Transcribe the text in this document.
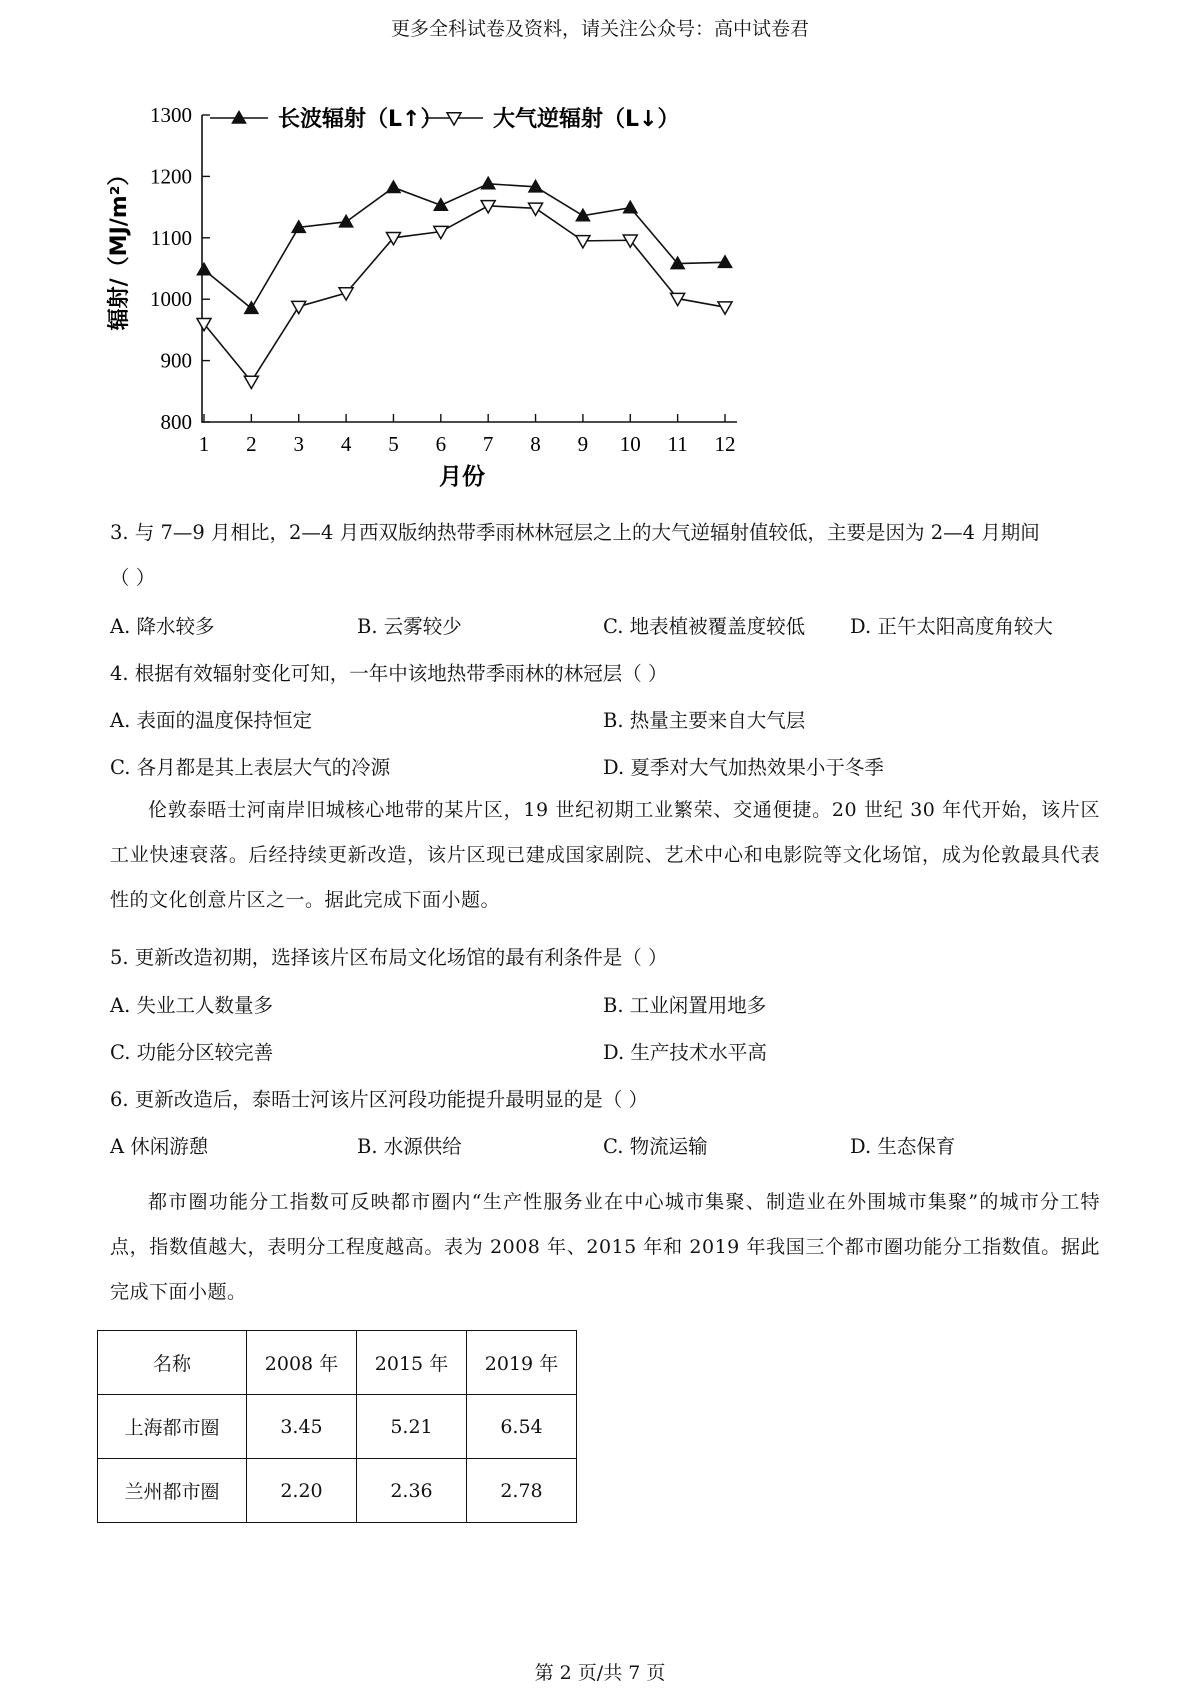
更多全科试卷及资料，请关注公众号：高中试卷君
800
900
1000
1100
1200
1300
1 2 3 4 5 6 7 8 9 10 11 12
长波辐射（L↑） 大气逆辐射（L↓）
月份
辐射/（MJ/m²）
3. 与 7—9 月相比，2—4 月西双版纳热带季雨林林冠层之上的大气逆辐射值较低，主要是因为 2—4 月期间
（ ）
A. 降水较多	B. 云雾较少	C. 地表植被覆盖度较低 D. 正午太阳高度角较大
4. 根据有效辐射变化可知，一年中该地热带季雨林的林冠层（ ）
A. 表面的温度保持恒定	B. 热量主要来自大气层
C. 各月都是其上表层大气的冷源	D. 夏季对大气加热效果小于冬季
伦敦泰晤士河南岸旧城核心地带的某片区，19 世纪初期工业繁荣、交通便捷。20 世纪 30 年代开始，该片区工业快速衰落。后经持续更新改造，该片区现已建成国家剧院、艺术中心和电影院等文化场馆，成为伦敦最具代表性的文化创意片区之一。据此完成下面小题。
5. 更新改造初期，选择该片区布局文化场馆的最有利条件是（ ）
A. 失业工人数量多	B. 工业闲置用地多
C. 功能分区较完善	D. 生产技术水平高
6. 更新改造后，泰晤士河该片区河段功能提升最明显的是（ ）
A 休闲游憩	B. 水源供给	C. 物流运输	D. 生态保育
都市圈功能分工指数可反映都市圈内“生产性服务业在中心城市集聚、制造业在外围城市集聚”的城市分工特点，指数值越大，表明分工程度越高。表为 2008 年、2015 年和 2019 年我国三个都市圈功能分工指数值。据此完成下面小题。
名称	2008 年	2015 年	2019 年
上海都市圈	3.45	5.21	6.54
兰州都市圈	2.20	2.36	2.78
第 2 页/共 7 页
